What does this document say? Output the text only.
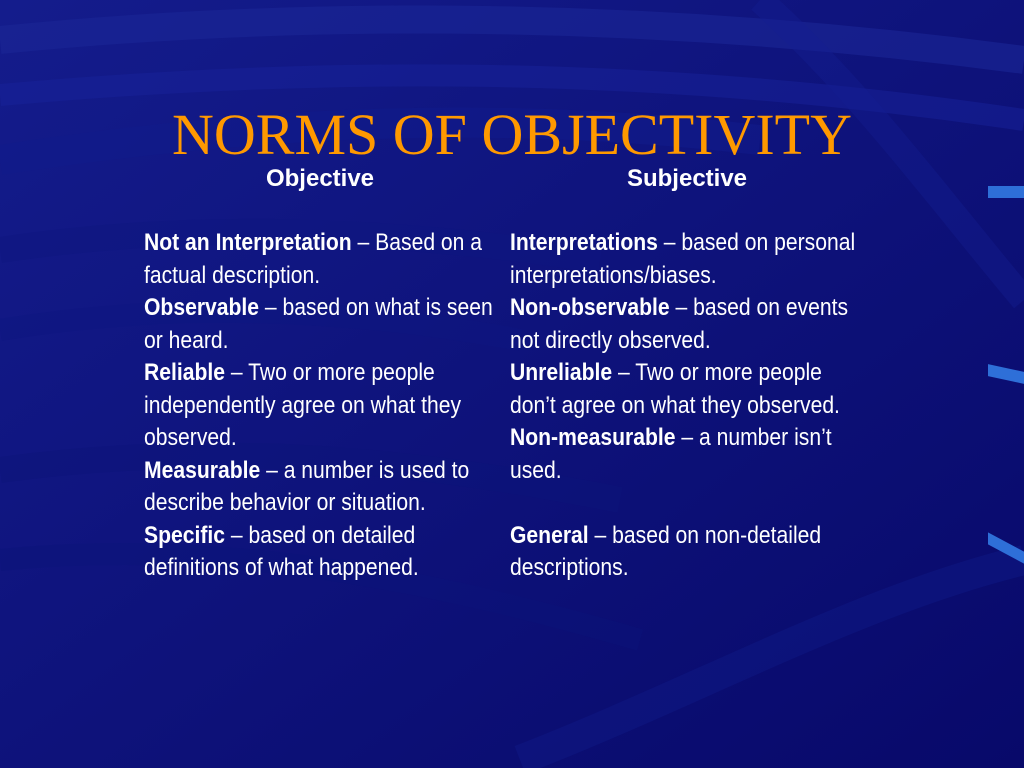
NORMS OF OBJECTIVITY
Objective	Subjective

Not an Interpretation – Based on a factual description.

Observable – based on what is seen or heard.

Reliable – Two or more people independently agree on what they observed.

Measurable – a number is used to describe behavior or situation.

Specific – based on detailed definitions of what happened.

Interpretations – based on personal interpretations/biases.

Non-observable – based on events not directly observed.

Unreliable – Two or more people don’t agree on what they observed.

Non-measurable – a number isn’t used.

General – based on non-detailed descriptions.
